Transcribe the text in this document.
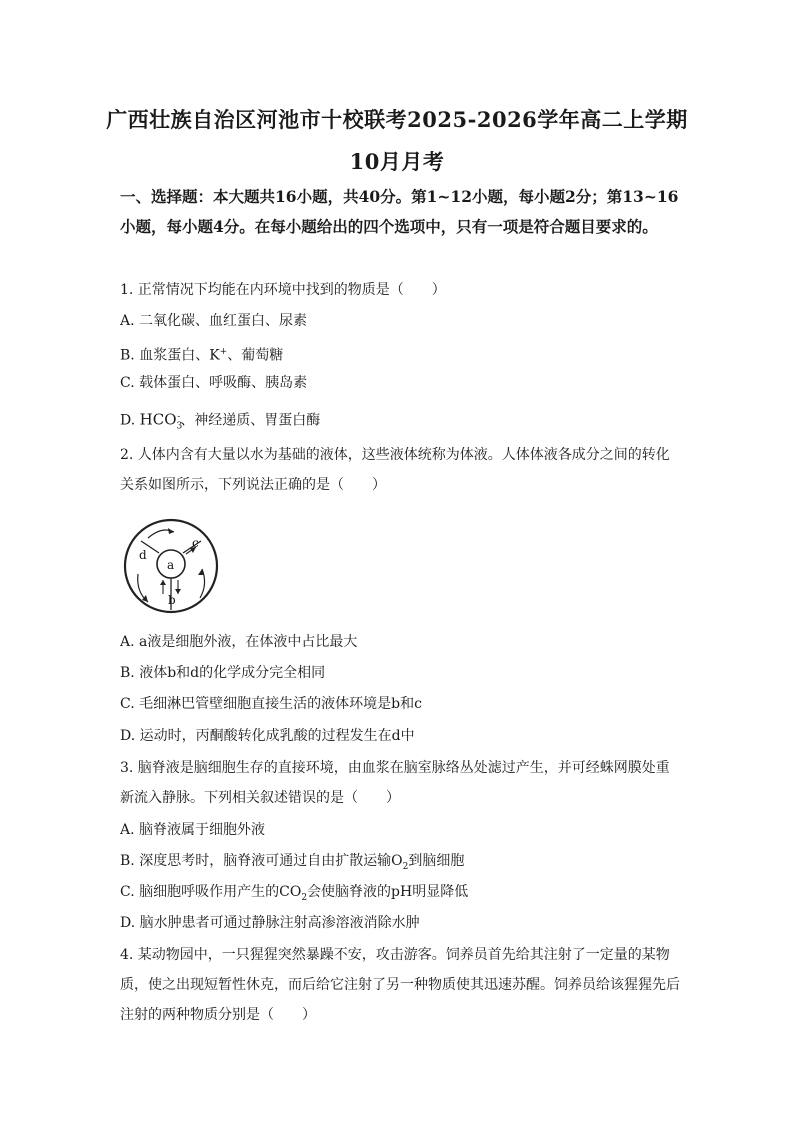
广西壮族自治区河池市十校联考2025-2026学年高二上学期
10月月考
一、选择题：本大题共16小题，共40分。第1~12小题，每小题2分；第13~16小题，每小题4分。在每小题给出的四个选项中，只有一项是符合题目要求的。
1. 正常情况下均能在内环境中找到的物质是（　　）
A. 二氧化碳、血红蛋白、尿素
B. 血浆蛋白、K+、葡萄糖
C. 载体蛋白、呼吸酶、胰岛素
D. $HCO_3^-$、神经递质、胃蛋白酶
2. 人体内含有大量以水为基础的液体，这些液体统称为体液。人体体液各成分之间的转化关系如图所示，下列说法正确的是（　　）
a
b
c
d
A. a液是细胞外液，在体液中占比最大
B. 液体b和d的化学成分完全相同
C. 毛细淋巴管壁细胞直接生活的液体环境是b和c
D. 运动时，丙酮酸转化成乳酸的过程发生在d中
3. 脑脊液是脑细胞生存的直接环境，由血浆在脑室脉络丛处滤过产生，并可经蛛网膜处重新流入静脉。下列相关叙述错误的是（　　）
A. 脑脊液属于细胞外液
B. 深度思考时，脑脊液可通过自由扩散运输$O_2$到脑细胞
C. 脑细胞呼吸作用产生的$CO_2$会使脑脊液的pH明显降低
D. 脑水肿患者可通过静脉注射高渗溶液消除水肿
4. 某动物园中，一只猩猩突然暴躁不安，攻击游客。饲养员首先给其注射了一定量的某物质，使之出现短暂性休克，而后给它注射了另一种物质使其迅速苏醒。饲养员给该猩猩先后注射的两种物质分别是（　　）
